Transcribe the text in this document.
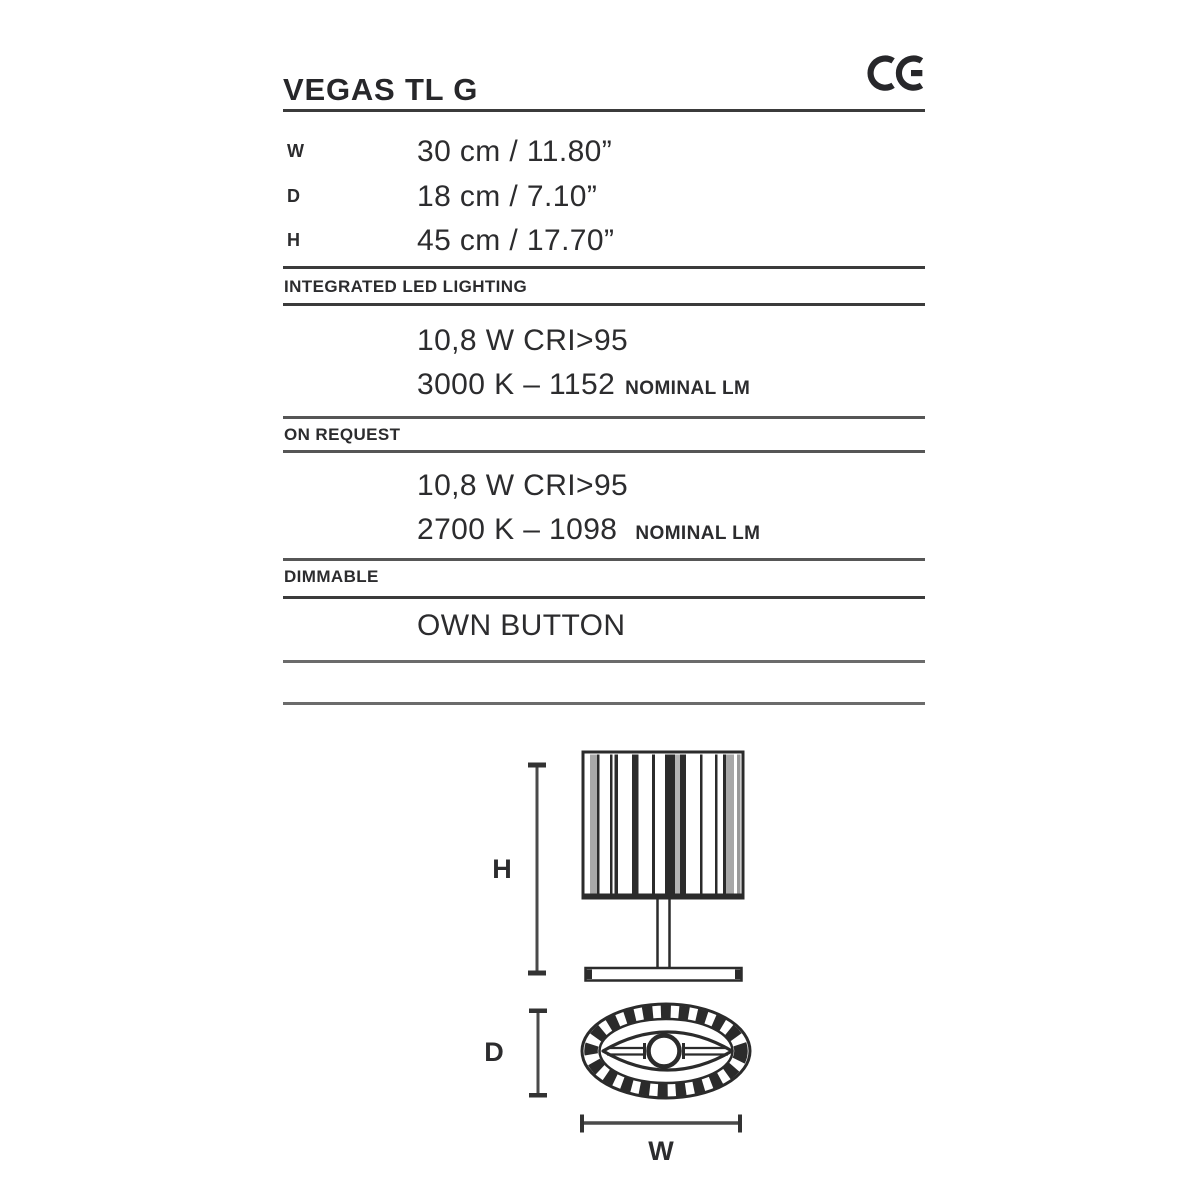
VEGAS TL G
W	30 cm / 11.80”
D	18 cm / 7.10”
H	45 cm / 17.70”
INTEGRATED LED LIGHTING
10,8 W CRI>95
3000 K – 1152 NOMINAL LM
ON REQUEST
10,8 W CRI>95
2700 K – 1098 NOMINAL LM
DIMMABLE
OWN BUTTON
H
D
W
